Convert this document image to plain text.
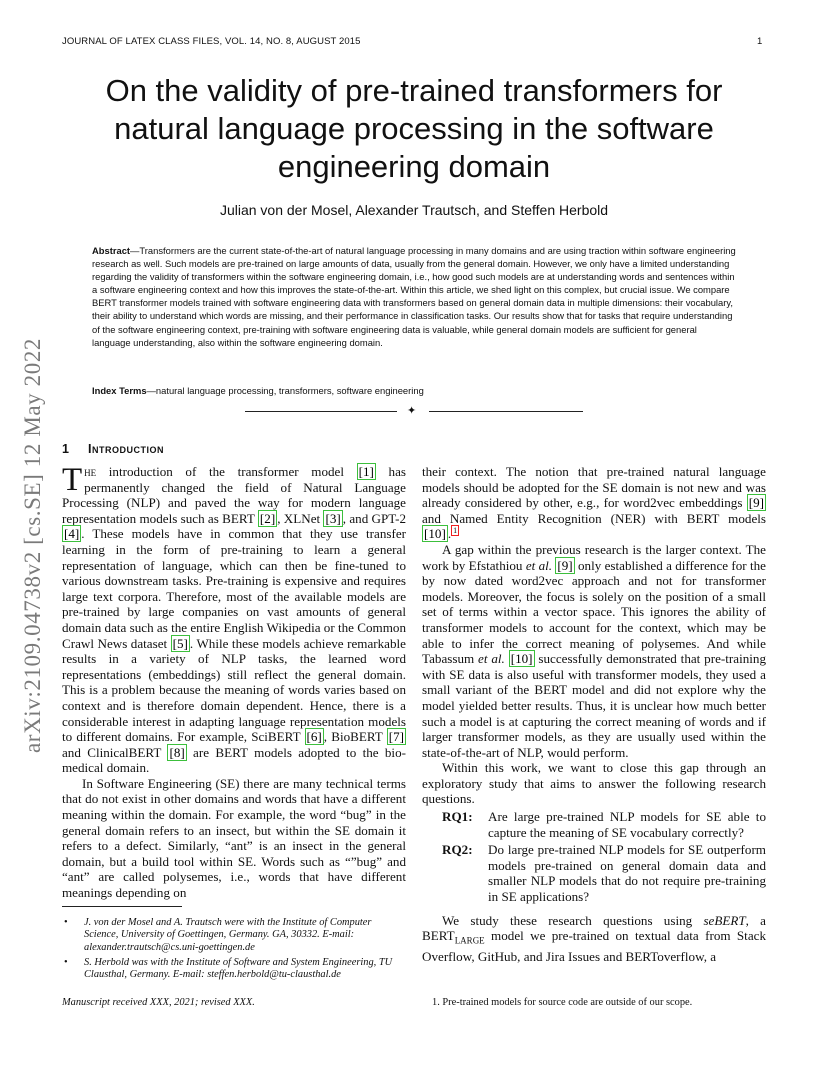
JOURNAL OF LATEX CLASS FILES, VOL. 14, NO. 8, AUGUST 2015	1
arXiv:2109.04738v2 [cs.SE] 12 May 2022
On the validity of pre-trained transformers for natural language processing in the software engineering domain
Julian von der Mosel, Alexander Trautsch, and Steffen Herbold
Abstract—Transformers are the current state-of-the-art of natural language processing in many domains and are using traction within software engineering research as well. Such models are pre-trained on large amounts of data, usually from the general domain. However, we only have a limited understanding regarding the validity of transformers within the software engineering domain, i.e., how good such models are at understanding words and sentences within a software engineering context and how this improves the state-of-the-art. Within this article, we shed light on this complex, but crucial issue. We compare BERT transformer models trained with software engineering data with transformers based on general domain data in multiple dimensions: their vocabulary, their ability to understand which words are missing, and their performance in classification tasks. Our results show that for tasks that require understanding of the software engineering context, pre-training with software engineering data is valuable, while general domain models are sufficient for general language understanding, also within the software engineering domain.
Index Terms—natural language processing, transformers, software engineering
✦
1 Introduction

The introduction of the transformer model [1] has permanently changed the field of Natural Language Processing (NLP) and paved the way for modern language representation models such as BERT [2] , XLNet [3] , and GPT-2 [4] . These models have in common that they use transfer learning in the form of pre-training to learn a general representation of language, which can then be fine-tuned to various downstream tasks. Pre-training is expensive and requires large text corpora. Therefore, most of the available models are pre-trained by large companies on vast amounts of general domain data such as the entire English Wikipedia or the Common Crawl News dataset [5] . While these models achieve remarkable results in a variety of NLP tasks, the learned word representations (embeddings) still reflect the general domain. This is a problem because the meaning of words varies based on context and is therefore domain dependent. Hence, there is a considerable interest in adapting language representation models to different domains. For example, SciBERT [6] , BioBERT [7] and ClinicalBERT [8] are BERT models adopted to the bio-medical domain.

In Software Engineering (SE) there are many technical terms that do not exist in other domains and words that have a different meaning within the domain. For example, the word “bug” in the general domain refers to an insect, but within the SE domain it refers to a defect. Similarly, “ant” is an insect in the general domain, but a build tool within SE. Words such as “”bug” and “ant” are called polysemes, i.e., words that have different meanings depending on

their context. The notion that pre-trained natural language models should be adopted for the SE domain is not new and was already considered by other, e.g., for word2vec embeddings [9] and Named Entity Recognition (NER) with BERT models [10] . $^1$

A gap within the previous research is the larger context. The work by Efstathiou et al. [9] only established a difference for the by now dated word2vec approach and not for transformer models. Moreover, the focus is solely on the position of a small set of terms within a vector space. This ignores the ability of transformer models to account for the context, which may be able to infer the correct meaning of polysemes. And while Tabassum et al. [10] successfully demonstrated that pre-training with SE data is also useful with transformer models, they used a small variant of the BERT model and did not explore why the model yielded better results. Thus, it is unclear how much better such a model is at capturing the correct meaning of words and if larger transformer models, as they are usually used within the state-of-the-art of NLP, would perform.

Within this work, we want to close this gap through an exploratory study that aims to answer the following research questions.

RQ1: Are large pre-trained NLP models for SE able to capture the meaning of SE vocabulary correctly?

RQ2: Do large pre-trained NLP models for SE outperform models pre-trained on general domain data and smaller NLP models that do not require pre-training in SE applications?

We study these research questions using seBERT, a $BERT_{LARGE}$ model we pre-trained on textual data from Stack Overflow, GitHub, and Jira Issues and BERToverflow, a

• J. von der Mosel and A. Trautsch were with the Institute of Computer Science, University of Goettingen, Germany. GA, 30332. E-mail: alexander.trautsch@cs.uni-goettingen.de
• S. Herbold was with the Institute of Software and System Engineering, TU Clausthal, Germany. E-mail: steffen.herbold@tu-clausthal.de
Manuscript received XXX, 2021; revised XXX.	1. Pre-trained models for source code are outside of our scope.
